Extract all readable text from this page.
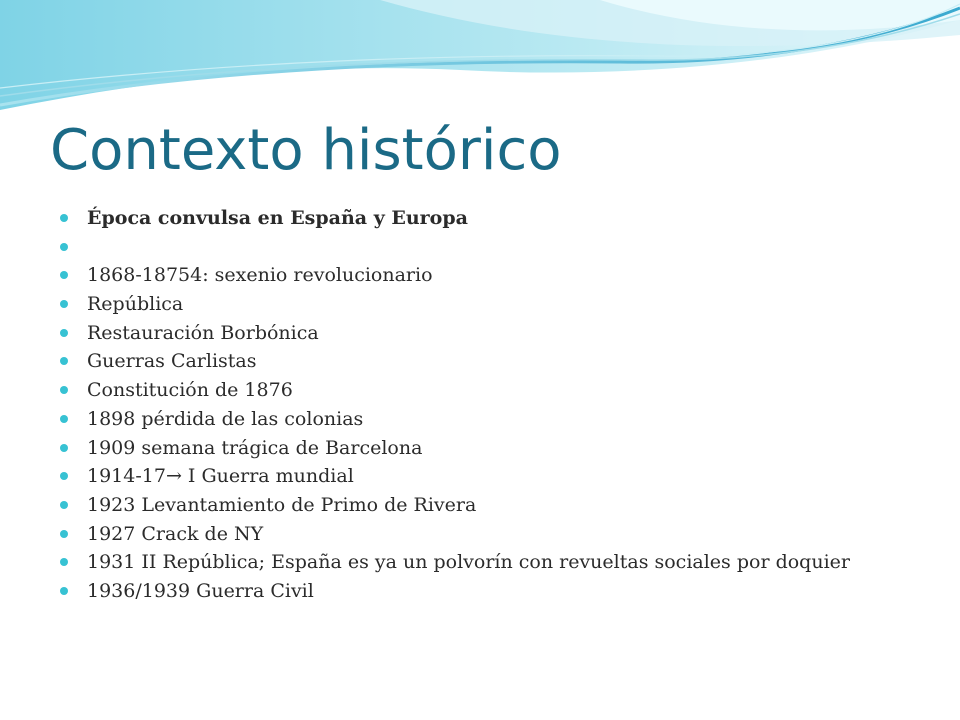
Contexto histórico
Época convulsa en España y Europa
1868-18754: sexenio revolucionario
República
Restauración Borbónica
Guerras Carlistas
Constitución de 1876
1898 pérdida de las colonias
1909 semana trágica de Barcelona
1914-17→ I Guerra mundial
1923 Levantamiento de Primo de Rivera
1927 Crack de NY
1931 II República; España es ya un polvorín con revueltas sociales por doquier
1936/1939 Guerra Civil
